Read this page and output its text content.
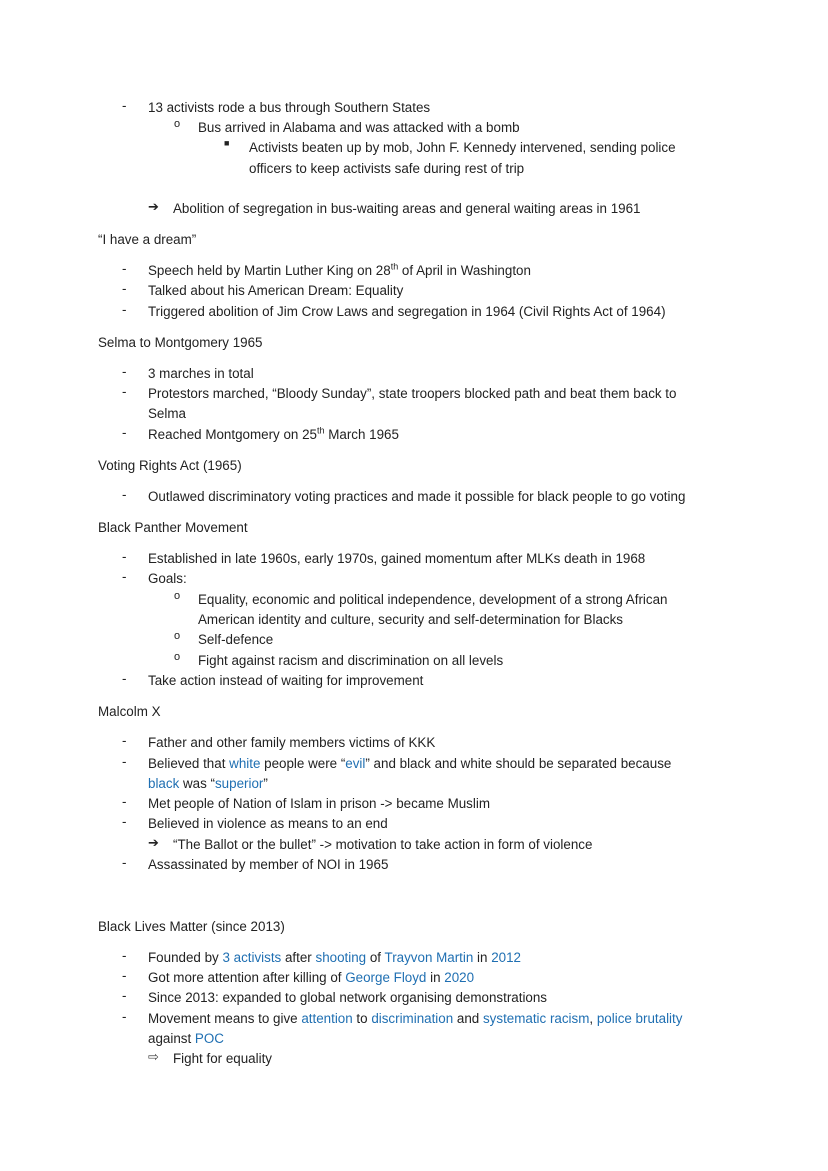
- 13 activists rode a bus through Southern States
o Bus arrived in Alabama and was attacked with a bomb
■ Activists beaten up by mob, John F. Kennedy intervened, sending police
officers to keep activists safe during rest of trip
➔ Abolition of segregation in bus-waiting areas and general waiting areas in 1961
“I have a dream”
- Speech held by Martin Luther King on 28th of April in Washington
- Talked about his American Dream: Equality
- Triggered abolition of Jim Crow Laws and segregation in 1964 (Civil Rights Act of 1964)
Selma to Montgomery 1965
- 3 marches in total
- Protestors marched, “Bloody Sunday”, state troopers blocked path and beat them back to
Selma
- Reached Montgomery on 25th March 1965
Voting Rights Act (1965)
- Outlawed discriminatory voting practices and made it possible for black people to go voting
Black Panther Movement
- Established in late 1960s, early 1970s, gained momentum after MLKs death in 1968
- Goals:
o Equality, economic and political independence, development of a strong African
American identity and culture, security and self-determination for Blacks
o Self-defence
o Fight against racism and discrimination on all levels
- Take action instead of waiting for improvement
Malcolm X
- Father and other family members victims of KKK
- Believed that white people were “evil” and black and white should be separated because
black was “superior”
- Met people of Nation of Islam in prison -> became Muslim
- Believed in violence as means to an end
➔ “The Ballot or the bullet” -> motivation to take action in form of violence
- Assassinated by member of NOI in 1965
Black Lives Matter (since 2013)
- Founded by 3 activists after shooting of Trayvon Martin in 2012
- Got more attention after killing of George Floyd in 2020
- Since 2013: expanded to global network organising demonstrations
- Movement means to give attention to discrimination and systematic racism, police brutality
against POC
⇨ Fight for equality
